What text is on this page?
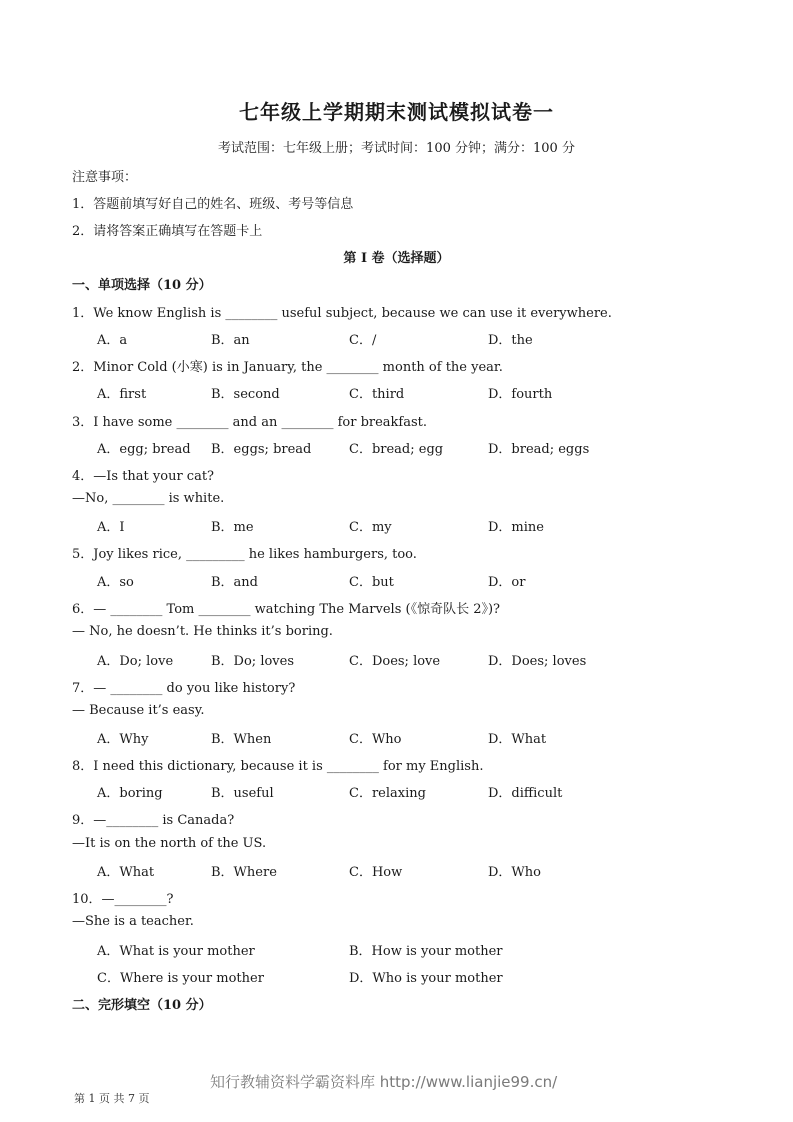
七年级上学期期末测试模拟试卷一
考试范围：七年级上册；考试时间：100 分钟；满分：100 分
注意事项：
1．答题前填写好自己的姓名、班级、考号等信息
2．请将答案正确填写在答题卡上
第 I 卷（选择题）
一、单项选择（10 分）
1．We know English is ________ useful subject, because we can use it everywhere.
A．a	B．an	C．/	D．the
2．Minor Cold (小寒) is in January, the ________ month of the year.
A．first	B．second	C．third	D．fourth
3．I have some ________ and an ________ for breakfast.
A．egg; bread B．eggs; bread	C．bread; egg	D．bread; eggs
4．—Is that your cat?
—No, ________ is white.
A．I	B．me	C．my	D．mine
5．Joy likes rice, _________ he likes hamburgers, too.
A．so	B．and	C．but	D．or
6．— ________ Tom ________ watching The Marvels (《惊奇队长 2》)?
— No, he doesn’t. He thinks it’s boring.
A．Do; love	B．Do; loves	C．Does; love	D．Does; loves
7．— ________ do you like history?
— Because it’s easy.
A．Why	B．When	C．Who	D．What
8．I need this dictionary, because it is ________ for my English.
A．boring	B．useful	C．relaxing	D．difficult
9．—________ is Canada?
—It is on the north of the US.
A．What	B．Where	C．How	D．Who
10．—________?
—She is a teacher.
A．What is your mother	B．How is your mother
C．Where is your mother	D．Who is your mother
二、完形填空（10 分）
知行教辅资料学霸资料库 http://www.lianjie99.cn/
第 1 页 共 7 页
